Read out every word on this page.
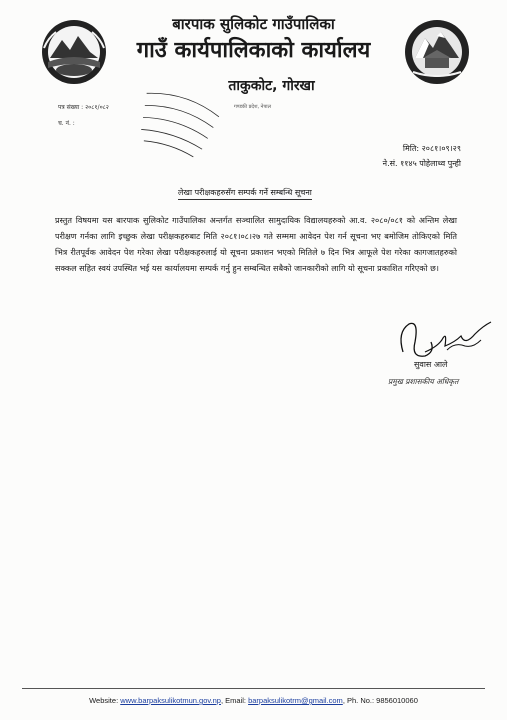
बारपाक सुलिकोट गाउँपालिका
गाउँ कार्यपालिकाको कार्यालय
ताकुकोट, गोरखा
पत्र संख्या : २०८१/०८२
च. नं. :
गण्डकी प्रदेश, नेपाल
मिति: २०८१।०९।२९
ने.सं. ११४५ पोहेलाथ्व पुन्ही
लेखा परीक्षकहरुसँग सम्पर्क गर्ने सम्बन्धि सूचना
प्रस्तुत विषयमा यस बारपाक सुलिकोट गाउँपालिका अन्तर्गत सञ्चालित सामुदायिक विद्यालयहरुको आ.व. २०८०/०८१ को अन्तिम लेखा परीक्षण गर्नका लागि इच्छुक लेखा परीक्षकहरुबाट मिति २०८१।०८।२७ गते सम्ममा आवेदन पेश गर्न सूचना भए बमोजिम तोकिएको मिति भित्र रीतपूर्वक आवेदन पेश गरेका लेखा परीक्षकहरुलाई यो सूचना प्रकाशन भएको मितिले ७ दिन भित्र आफूले पेश गरेका कागजातहरुको सक्कल सहित स्वयं उपस्थित भई यस कार्यालयमा सम्पर्क गर्नु हुन सम्बन्धित सबैको जानकारीको लागि यो सूचना प्रकाशित गरिएको छ।
सुवास आले
प्रमुख प्रशासकीय अधिकृत
Website: www.barpaksulikotmun.gov.np, Email: barpaksulikotrm@gmail.com, Ph. No.: 9856010060
